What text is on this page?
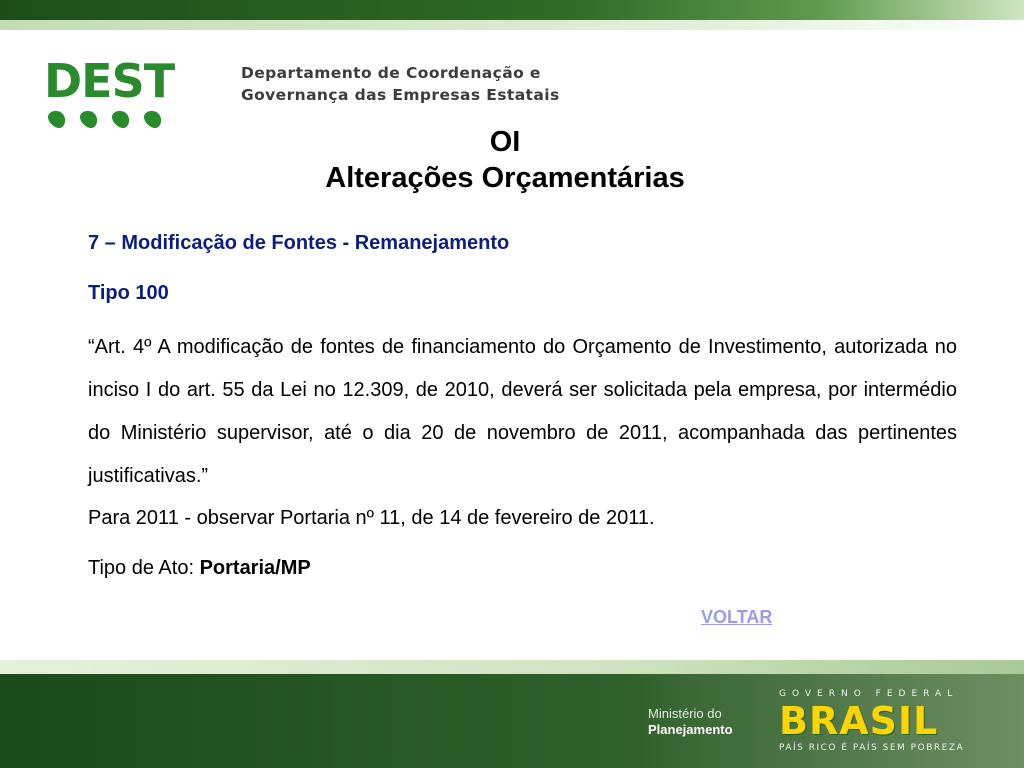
DEST	Departamento de Coordenação e
Governança das Empresas Estatais
OI
Alterações Orçamentárias
7 – Modificação de Fontes - Remanejamento
Tipo 100
“Art. 4º A modificação de fontes de financiamento do Orçamento de Investimento, autorizada no inciso I do art. 55 da Lei no 12.309, de 2010, deverá ser solicitada pela empresa, por intermédio do Ministério supervisor, até o dia 20 de novembro de 2011, acompanhada das pertinentes justificativas.”
Para 2011 - observar Portaria nº 11, de 14 de fevereiro de 2011.
Tipo de Ato: Portaria/MP
VOLTAR
Ministério do
Planejamento
GOVERNO FEDERAL
BRASIL
PAÍS RICO É PAÍS SEM POBREZA
